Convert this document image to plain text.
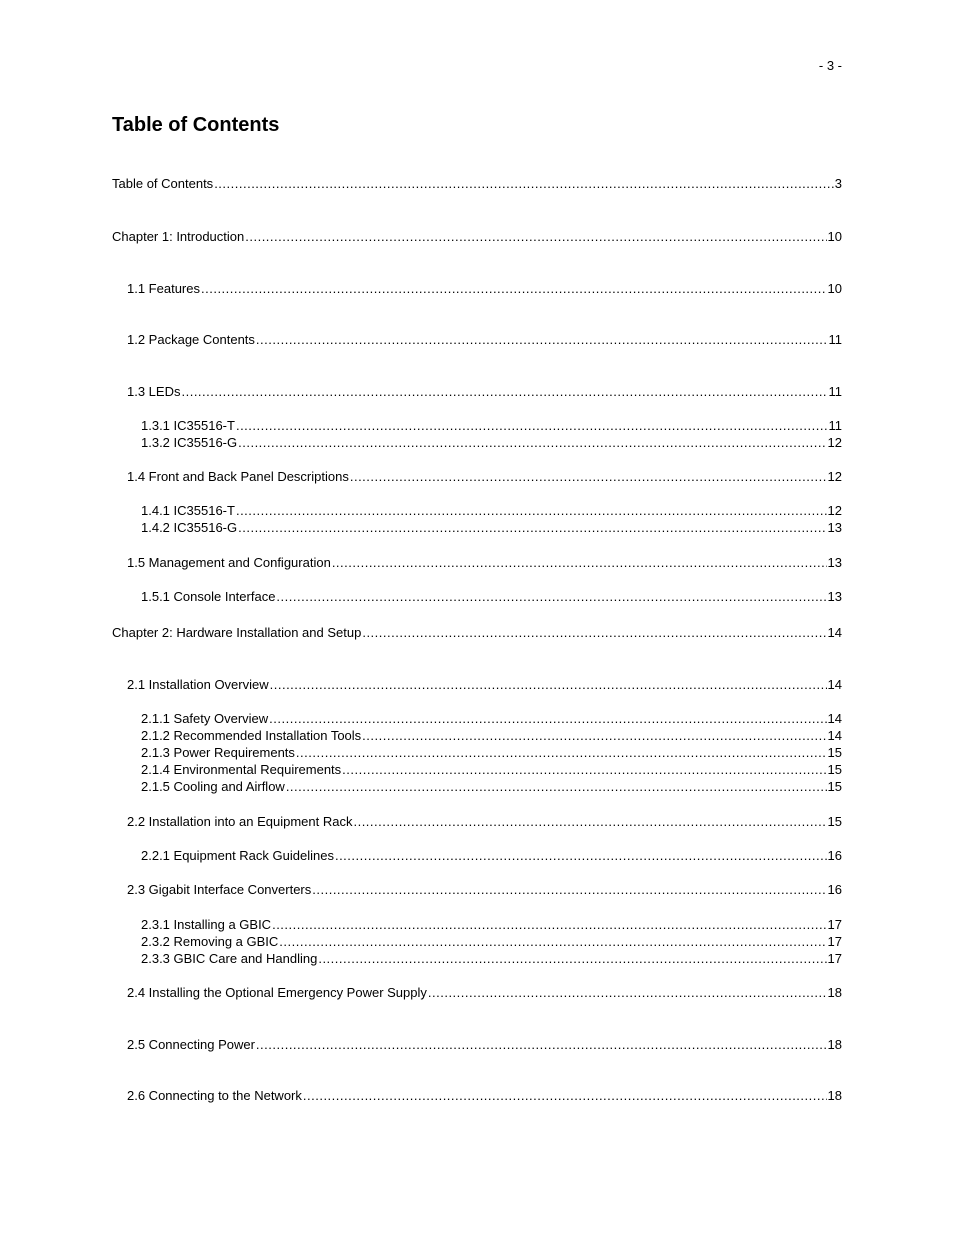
- 3 -
Table of Contents
Table of Contents .....	3
Chapter 1: Introduction .....	10
1.1 Features .....	10
1.2 Package Contents .....	11
1.3 LEDs .....	11
1.3.1 IC35516-T .....	11
1.3.2 IC35516-G .....	12
1.4 Front and Back Panel Descriptions .....	12
1.4.1 IC35516-T .....	12
1.4.2 IC35516-G .....	13
1.5 Management and Configuration .....	13
1.5.1 Console Interface .....	13
Chapter 2: Hardware Installation and Setup .....	14
2.1 Installation Overview .....	14
2.1.1 Safety Overview .....	14
2.1.2 Recommended Installation Tools .....	14
2.1.3 Power Requirements .....	15
2.1.4 Environmental Requirements .....	15
2.1.5 Cooling and Airflow .....	15
2.2 Installation into an Equipment Rack .....	15
2.2.1 Equipment Rack Guidelines .....	16
2.3 Gigabit Interface Converters .....	16
2.3.1 Installing a GBIC .....	17
2.3.2 Removing a GBIC .....	17
2.3.3 GBIC Care and Handling .....	17
2.4 Installing the Optional Emergency Power Supply .....	18
2.5 Connecting Power .....	18
2.6 Connecting to the Network .....	18
